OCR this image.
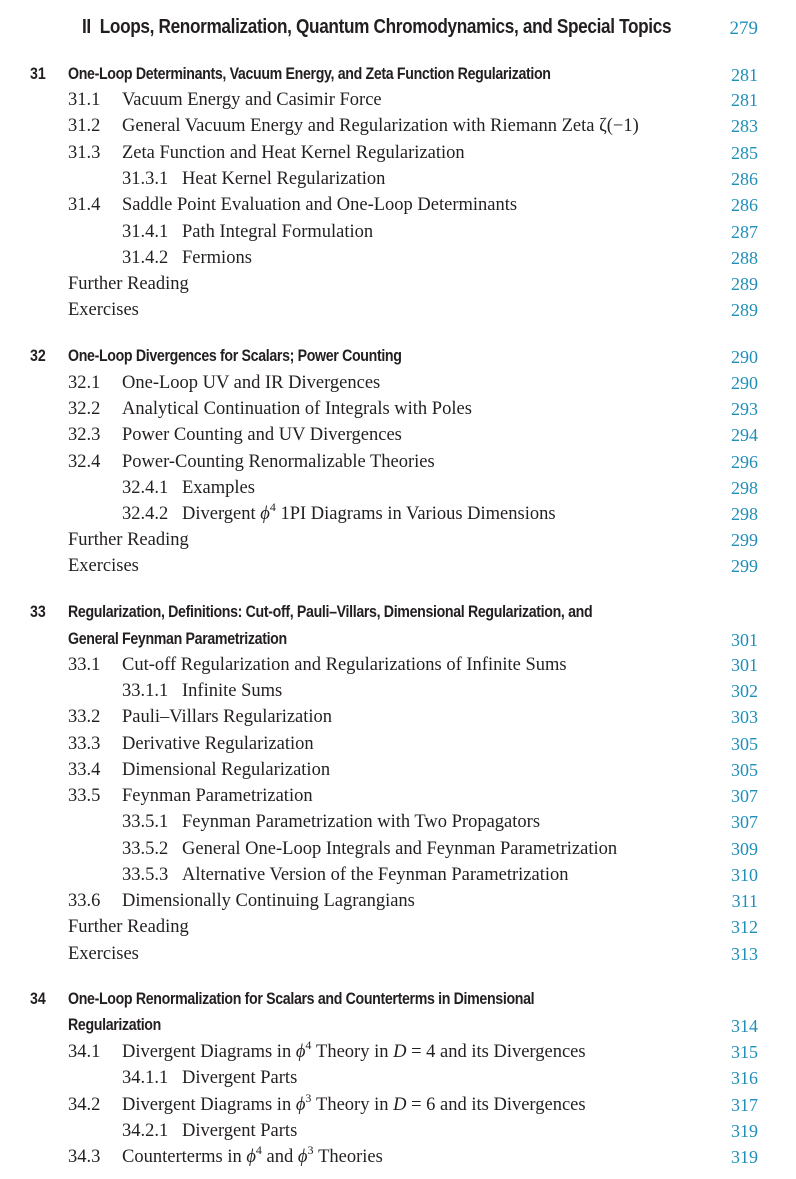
II Loops, Renormalization, Quantum Chromodynamics, and Special Topics	279
31 One-Loop Determinants, Vacuum Energy, and Zeta Function Regularization	281
31.1 Vacuum Energy and Casimir Force	281
31.2 General Vacuum Energy and Regularization with Riemann Zeta ζ(−1)	283
31.3 Zeta Function and Heat Kernel Regularization	285
31.3.1 Heat Kernel Regularization	286
31.4 Saddle Point Evaluation and One-Loop Determinants	286
31.4.1 Path Integral Formulation	287
31.4.2 Fermions	288
Further Reading	289
Exercises	289
32 One-Loop Divergences for Scalars; Power Counting	290
32.1 One-Loop UV and IR Divergences	290
32.2 Analytical Continuation of Integrals with Poles	293
32.3 Power Counting and UV Divergences	294
32.4 Power-Counting Renormalizable Theories	296
32.4.1 Examples	298
32.4.2 Divergent $\phi^4$ 1PI Diagrams in Various Dimensions	298
Further Reading	299
Exercises	299
33 Regularization, Definitions: Cut-off, Pauli–Villars, Dimensional Regularization, and
General Feynman Parametrization	301
33.1 Cut-off Regularization and Regularizations of Infinite Sums	301
33.1.1 Infinite Sums	302
33.2 Pauli–Villars Regularization	303
33.3 Derivative Regularization	305
33.4 Dimensional Regularization	305
33.5 Feynman Parametrization	307
33.5.1 Feynman Parametrization with Two Propagators	307
33.5.2 General One-Loop Integrals and Feynman Parametrization	309
33.5.3 Alternative Version of the Feynman Parametrization	310
33.6 Dimensionally Continuing Lagrangians	311
Further Reading	312
Exercises	313
34 One-Loop Renormalization for Scalars and Counterterms in Dimensional
Regularization	314
34.1 Divergent Diagrams in $\phi^4$ Theory in D = 4 and its Divergences	315
34.1.1 Divergent Parts	316
34.2 Divergent Diagrams in $\phi^3$ Theory in D = 6 and its Divergences	317
34.2.1 Divergent Parts	319
34.3 Counterterms in $\phi^4$ and $\phi^3$ Theories	319
